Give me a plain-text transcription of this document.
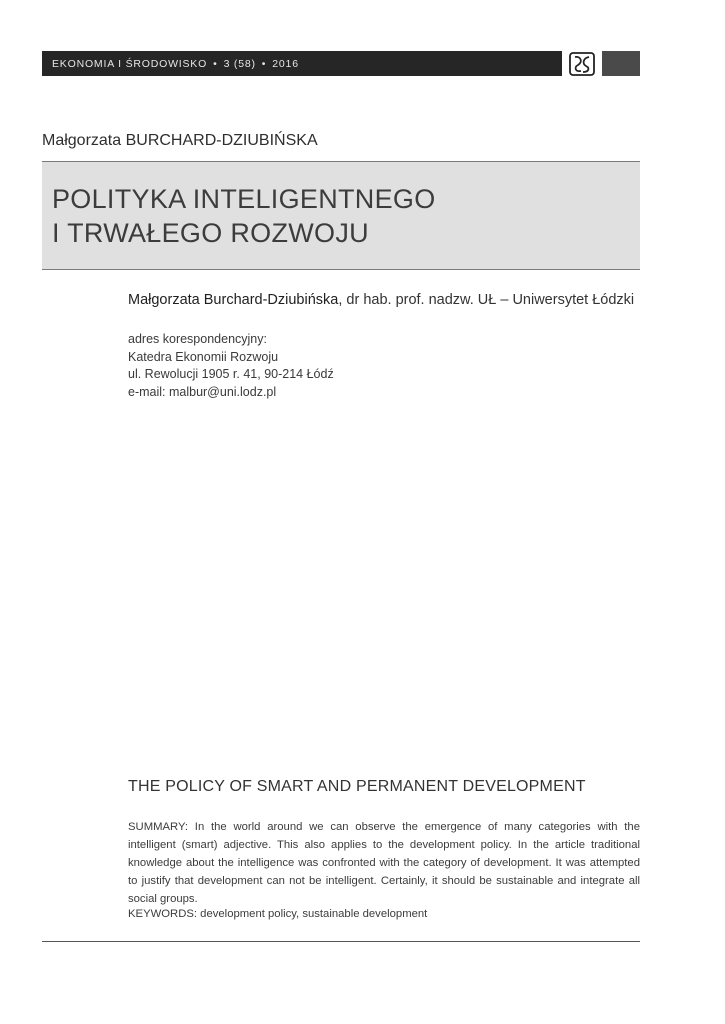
EKONOMIA I ŚRODOWISKO • 3 (58) • 2016
Małgorzata BURCHARD-DZIUBIŃSKA
POLITYKA INTELIGENTNEGO
I TRWAŁEGO ROZWOJU
Małgorzata Burchard-Dziubińska, dr hab. prof. nadzw. UŁ – Uniwersytet Łódzki
adres korespondencyjny:
Katedra Ekonomii Rozwoju
ul. Rewolucji 1905 r. 41, 90-214 Łódź
e-mail: malbur@uni.lodz.pl
THE POLICY OF SMART AND PERMANENT DEVELOPMENT
SUMMARY: In the world around we can observe the emergence of many categories with the intelligent (smart) adjective. This also applies to the development policy. In the article traditional knowledge about the intelligence was confronted with the category of development. It was attempted to justify that development can not be intelligent. Certainly, it should be sustainable and integrate all social groups.
KEYWORDS: development policy, sustainable development
